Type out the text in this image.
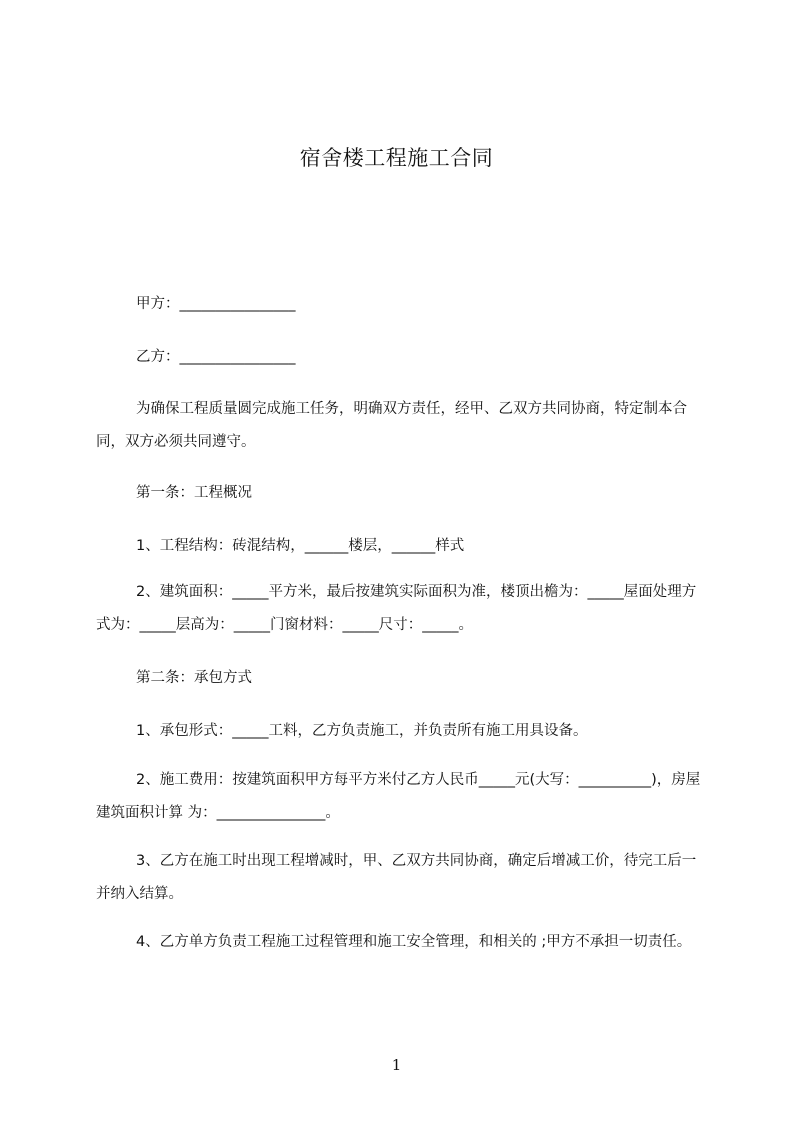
宿舍楼工程施工合同
甲方：________________
乙方：________________
为确保工程质量圆完成施工任务，明确双方责任，经甲、乙双方共同协商，特定制本合同，双方必须共同遵守。
第一条：工程概况
1、工程结构：砖混结构，______楼层，______样式
2、建筑面积：_____平方米，最后按建筑实际面积为准，楼顶出檐为：_____屋面处理方式为：_____层高为：_____门窗材料：_____尺寸：_____。
第二条：承包方式
1、承包形式：_____工料，乙方负责施工，并负责所有施工用具设备。
2、施工费用：按建筑面积甲方每平方米付乙方人民币_____元(大写：__________)，房屋建筑面积计算 为：_______________。
3、乙方在施工时出现工程增减时，甲、乙双方共同协商，确定后增减工价，待完工后一并纳入结算。
4、乙方单方负责工程施工过程管理和施工安全管理，和相关的 ;甲方不承担一切责任。
1
